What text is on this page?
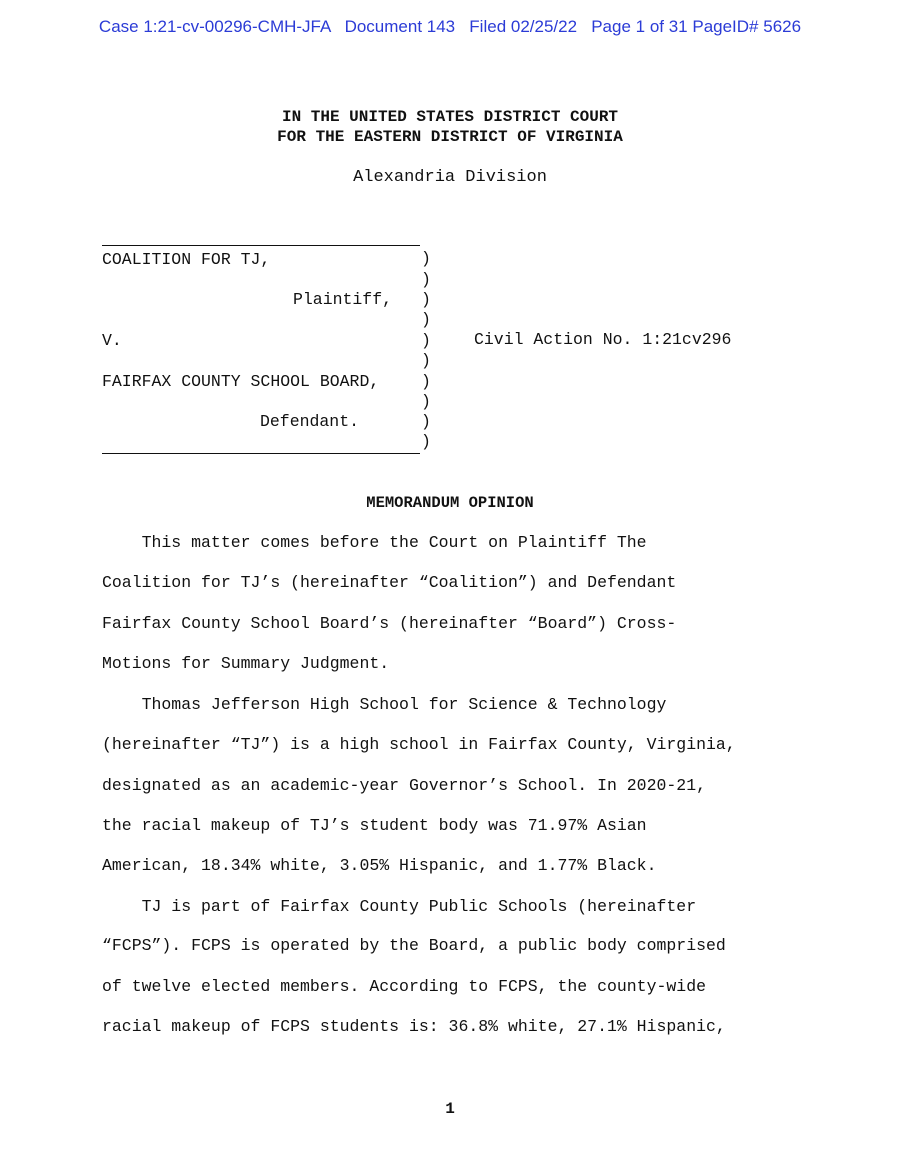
Case 1:21-cv-00296-CMH-JFA   Document 143   Filed 02/25/22   Page 1 of 31 PageID# 5626
IN THE UNITED STATES DISTRICT COURT
FOR THE EASTERN DISTRICT OF VIRGINIA
Alexandria Division
COALITION FOR TJ,
Plaintiff,
V.
FAIRFAX COUNTY SCHOOL BOARD,
Defendant.
)
)
)
)
)
)
)
)
)
)
Civil Action No. 1:21cv296
MEMORANDUM OPINION
This matter comes before the Court on Plaintiff The
Coalition for TJ’s (hereinafter “Coalition”) and Defendant
Fairfax County School Board’s (hereinafter “Board”) Cross-
Motions for Summary Judgment.
Thomas Jefferson High School for Science & Technology
(hereinafter “TJ”) is a high school in Fairfax County, Virginia,
designated as an academic-year Governor’s School. In 2020-21,
the racial makeup of TJ’s student body was 71.97% Asian
American, 18.34% white, 3.05% Hispanic, and 1.77% Black.
TJ is part of Fairfax County Public Schools (hereinafter
“FCPS”). FCPS is operated by the Board, a public body comprised
of twelve elected members. According to FCPS, the county-wide
racial makeup of FCPS students is: 36.8% white, 27.1% Hispanic,
1
